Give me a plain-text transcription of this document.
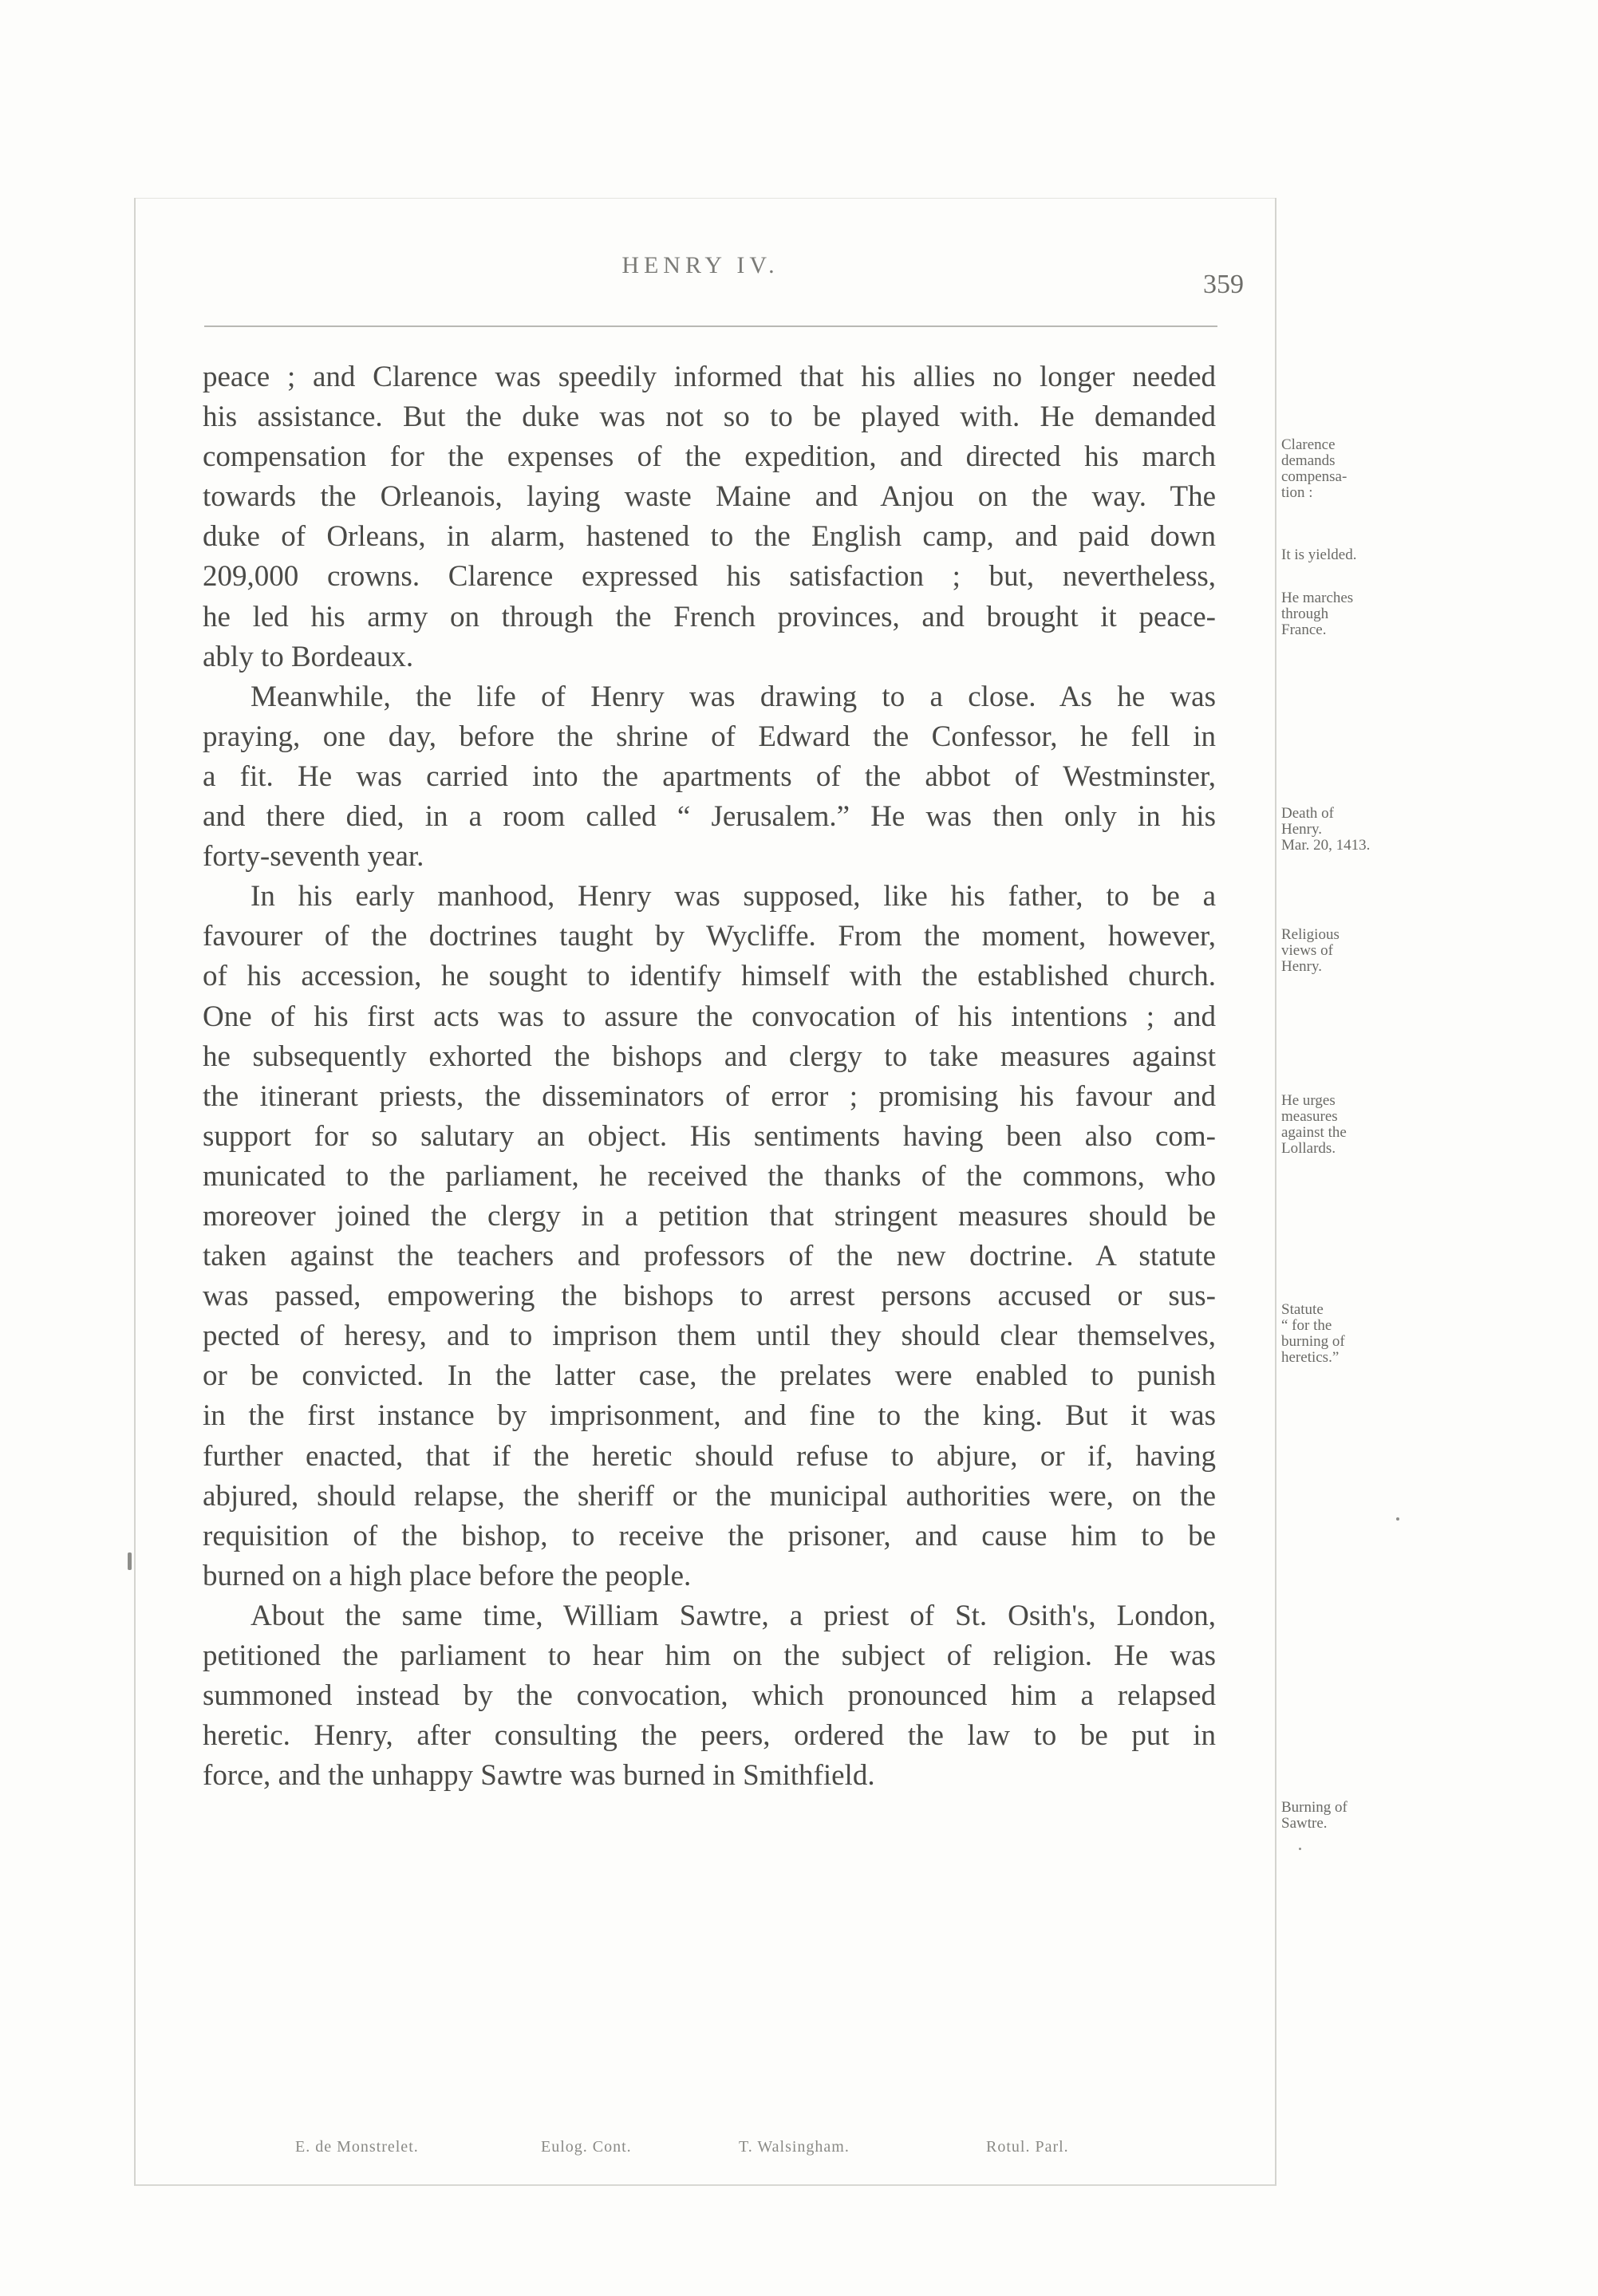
HENRY IV.
359
peace ; and Clarence was speedily informed that his allies no longer needed
his assistance. But the duke was not so to be played with. He demanded
compensation for the expenses of the expedition, and directed his march
towards the Orleanois, laying waste Maine and Anjou on the way. The
duke of Orleans, in alarm, hastened to the English camp, and paid down
209,000 crowns. Clarence expressed his satisfaction ; but, nevertheless,
he led his army on through the French provinces, and brought it peace-
ably to Bordeaux.
Meanwhile, the life of Henry was drawing to a close. As he was
praying, one day, before the shrine of Edward the Confessor, he fell in
a fit. He was carried into the apartments of the abbot of Westminster,
and there died, in a room called “ Jerusalem.” He was then only in his
forty-seventh year.
In his early manhood, Henry was supposed, like his father, to be a
favourer of the doctrines taught by Wycliffe. From the moment, however,
of his accession, he sought to identify himself with the established church.
One of his first acts was to assure the convocation of his intentions ; and
he subsequently exhorted the bishops and clergy to take measures against
the itinerant priests, the disseminators of error ; promising his favour and
support for so salutary an object. His sentiments having been also com-
municated to the parliament, he received the thanks of the commons, who
moreover joined the clergy in a petition that stringent measures should be
taken against the teachers and professors of the new doctrine. A statute
was passed, empowering the bishops to arrest persons accused or sus-
pected of heresy, and to imprison them until they should clear themselves,
or be convicted. In the latter case, the prelates were enabled to punish
in the first instance by imprisonment, and fine to the king. But it was
further enacted, that if the heretic should refuse to abjure, or if, having
abjured, should relapse, the sheriff or the municipal authorities were, on the
requisition of the bishop, to receive the prisoner, and cause him to be
burned on a high place before the people.
About the same time, William Sawtre, a priest of St. Osith's, London,
petitioned the parliament to hear him on the subject of religion. He was
summoned instead by the convocation, which pronounced him a relapsed
heretic. Henry, after consulting the peers, ordered the law to be put in
force, and the unhappy Sawtre was burned in Smithfield.
Clarence
demands
compensa-
tion :
It is yielded.
He marches
through
France.
Death of
Henry.
Mar. 20, 1413.
Religious
views of
Henry.
He urges
measures
against the
Lollards.
Statute
“ for the
burning of
heretics.”
Burning of
Sawtre.
E. de Monstrelet.	Eulog. Cont.	T. Walsingham.	Rotul. Parl.
